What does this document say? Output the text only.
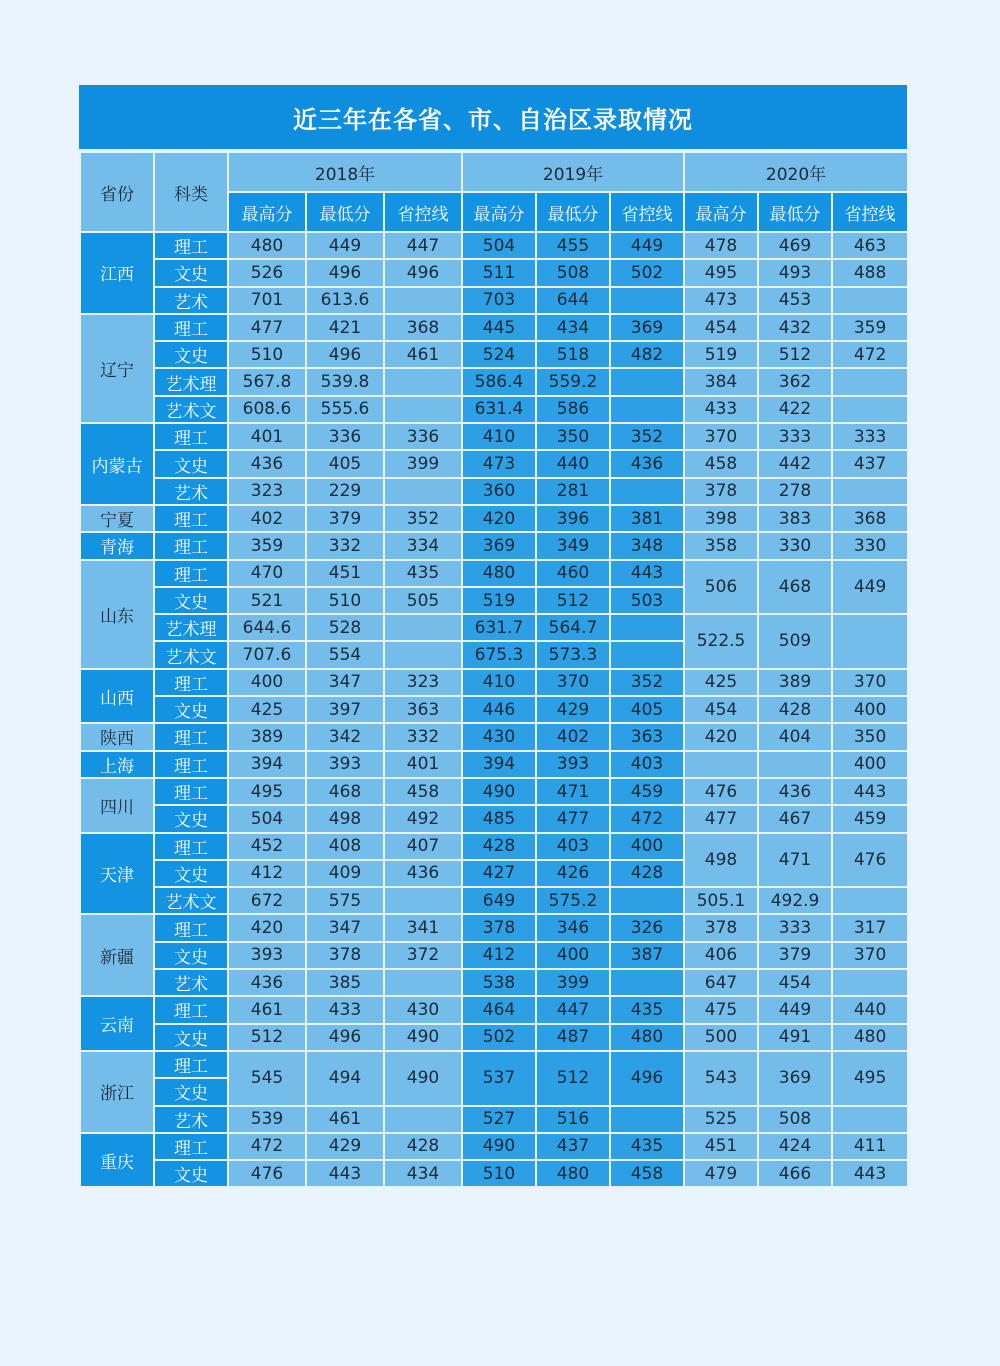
近三年在各省、市、自治区录取情况
省份	科类	2018年			2019年			2020年		
		最高分	最低分	省控线	最高分	最低分	省控线	最高分	最低分	省控线
江西	理工	480	449	447	504	455	449	478	469	463
	文史	526	496	496	511	508	502	495	493	488
	艺术	701	613.6		703	644		473	453	
辽宁	理工	477	421	368	445	434	369	454	432	359
	文史	510	496	461	524	518	482	519	512	472
	艺术理	567.8	539.8		586.4	559.2		384	362	
	艺术文	608.6	555.6		631.4	586		433	422	
内蒙古	理工	401	336	336	410	350	352	370	333	333
	文史	436	405	399	473	440	436	458	442	437
	艺术	323	229		360	281		378	278	
宁夏	理工	402	379	352	420	396	381	398	383	368
青海	理工	359	332	334	369	349	348	358	330	330
山东	理工	470	451	435	480	460	443	506	468	449
	文史	521	510	505	519	512	503			
	艺术理	644.6	528		631.7	564.7		522.5	509	
	艺术文	707.6	554		675.3	573.3				
山西	理工	400	347	323	410	370	352	425	389	370
	文史	425	397	363	446	429	405	454	428	400
陕西	理工	389	342	332	430	402	363	420	404	350
上海	理工	394	393	401	394	393	403			400
四川	理工	495	468	458	490	471	459	476	436	443
	文史	504	498	492	485	477	472	477	467	459
天津	理工	452	408	407	428	403	400	498	471	476
	文史	412	409	436	427	426	428			
	艺术文	672	575		649	575.2		505.1	492.9	
新疆	理工	420	347	341	378	346	326	378	333	317
	文史	393	378	372	412	400	387	406	379	370
	艺术	436	385		538	399		647	454	
云南	理工	461	433	430	464	447	435	475	449	440
	文史	512	496	490	502	487	480	500	491	480
浙江	理工	545	494	490	537	512	496	543	369	495
	文史									
	艺术	539	461		527	516		525	508	
重庆	理工	472	429	428	490	437	435	451	424	411
	文史	476	443	434	510	480	458	479	466	443
